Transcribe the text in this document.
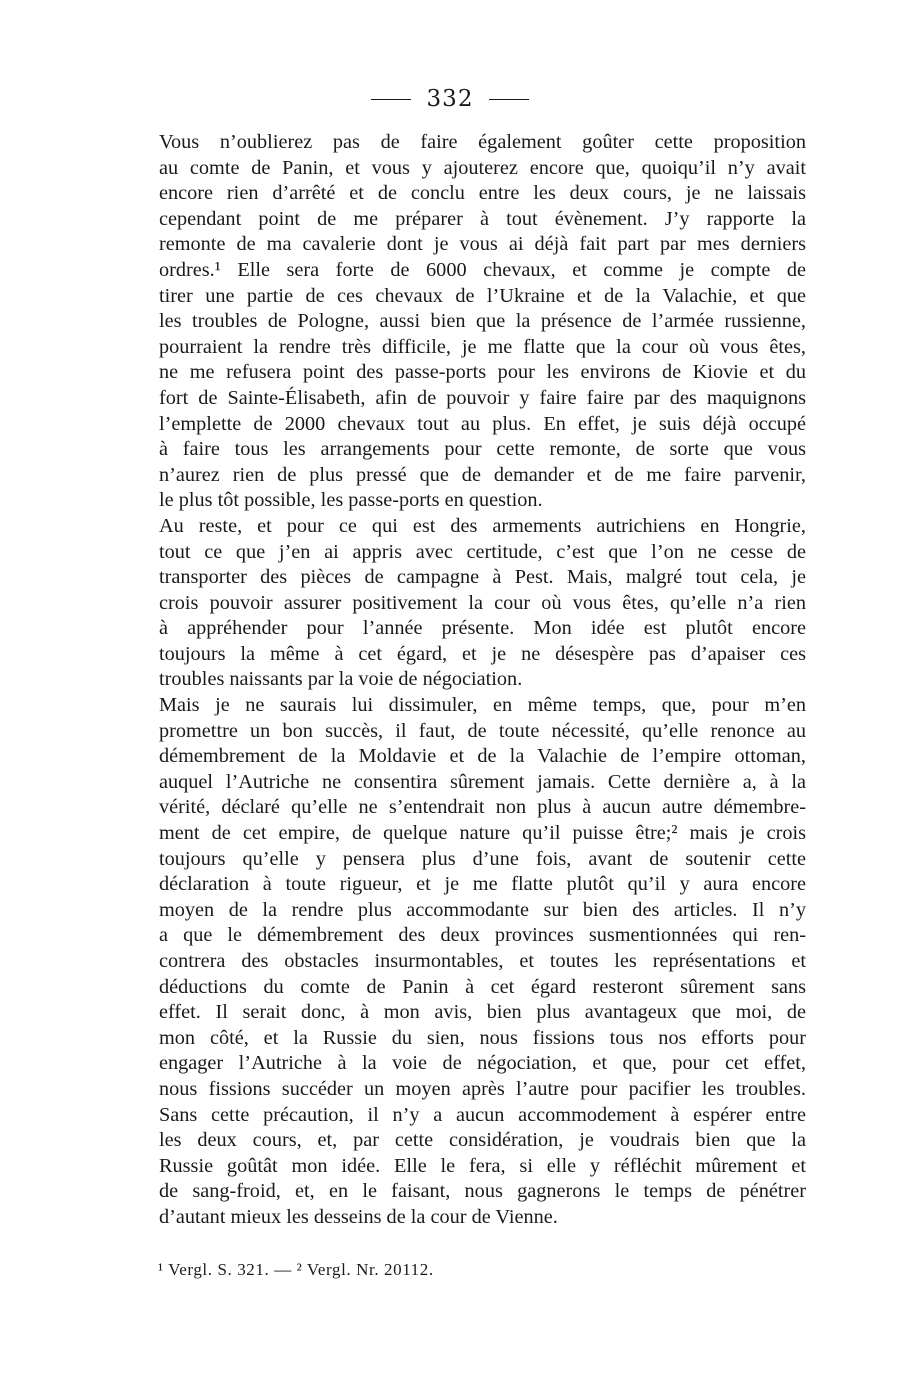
332

Vous n’oublierez pas de faire également goûter cette proposition
au comte de Panin, et vous y ajouterez encore que, quoiqu’il n’y avait
encore rien d’arrêté et de conclu entre les deux cours, je ne laissais
cependant point de me préparer à tout évènement. J’y rapporte la
remonte de ma cavalerie dont je vous ai déjà fait part par mes derniers
ordres.¹ Elle sera forte de 6000 chevaux, et comme je compte de
tirer une partie de ces chevaux de l’Ukraine et de la Valachie, et que
les troubles de Pologne, aussi bien que la présence de l’armée russienne,
pourraient la rendre très difficile, je me flatte que la cour où vous êtes,
ne me refusera point des passe-ports pour les environs de Kiovie et du
fort de Sainte-Élisabeth, afin de pouvoir y faire faire par des maquignons
l’emplette de 2000 chevaux tout au plus. En effet, je suis déjà occupé
à faire tous les arrangements pour cette remonte, de sorte que vous
n’aurez rien de plus pressé que de demander et de me faire parvenir,
le plus tôt possible, les passe-ports en question.

Au reste, et pour ce qui est des armements autrichiens en Hongrie,
tout ce que j’en ai appris avec certitude, c’est que l’on ne cesse de
transporter des pièces de campagne à Pest. Mais, malgré tout cela, je
crois pouvoir assurer positivement la cour où vous êtes, qu’elle n’a rien
à appréhender pour l’année présente. Mon idée est plutôt encore
toujours la même à cet égard, et je ne désespère pas d’apaiser ces
troubles naissants par la voie de négociation.

Mais je ne saurais lui dissimuler, en même temps, que, pour m’en
promettre un bon succès, il faut, de toute nécessité, qu’elle renonce au
démembrement de la Moldavie et de la Valachie de l’empire ottoman,
auquel l’Autriche ne consentira sûrement jamais. Cette dernière a, à la
vérité, déclaré qu’elle ne s’entendrait non plus à aucun autre démembre-
ment de cet empire, de quelque nature qu’il puisse être;² mais je crois
toujours qu’elle y pensera plus d’une fois, avant de soutenir cette
déclaration à toute rigueur, et je me flatte plutôt qu’il y aura encore
moyen de la rendre plus accommodante sur bien des articles. Il n’y
a que le démembrement des deux provinces susmentionnées qui ren-
contrera des obstacles insurmontables, et toutes les représentations et
déductions du comte de Panin à cet égard resteront sûrement sans
effet. Il serait donc, à mon avis, bien plus avantageux que moi, de
mon côté, et la Russie du sien, nous fissions tous nos efforts pour
engager l’Autriche à la voie de négociation, et que, pour cet effet,
nous fissions succéder un moyen après l’autre pour pacifier les troubles.
Sans cette précaution, il n’y a aucun accommodement à espérer entre
les deux cours, et, par cette considération, je voudrais bien que la
Russie goûtât mon idée. Elle le fera, si elle y réfléchit mûrement et
de sang-froid, et, en le faisant, nous gagnerons le temps de pénétrer
d’autant mieux les desseins de la cour de Vienne.

¹ Vergl. S. 321. — ² Vergl. Nr. 20112.
